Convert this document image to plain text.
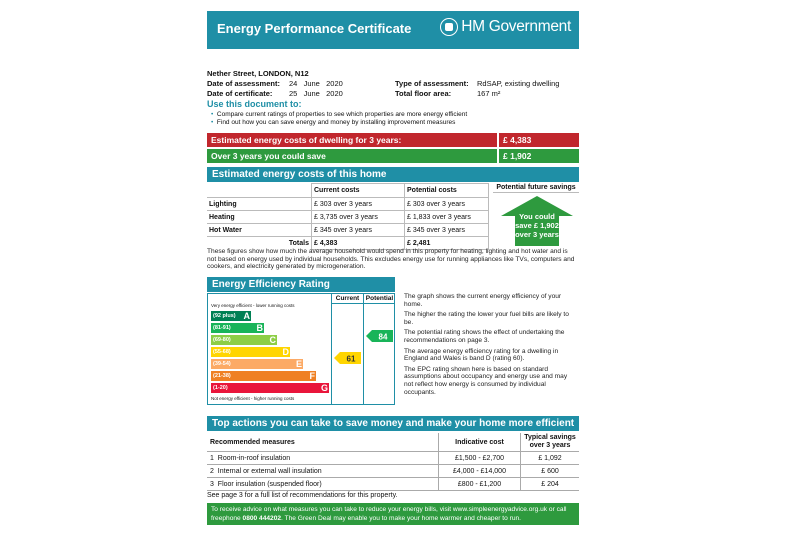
Energy Performance Certificate	HM Government
Nether Street, LONDON, N12
Date of assessment: 24   June   2020
Date of certificate: 25   June   2020
Type of assessment: RdSAP, existing dwelling
Total floor area:	167 m²
Use this document to:
• Compare current ratings of properties to see which properties are more energy efficient
• Find out how you can save energy and money by installing improvement measures
Estimated energy costs of dwelling for 3 years:	£ 4,383
Over 3 years you could save	£ 1,902
Estimated energy costs of this home
	Current costs	Potential costs
Lighting	£ 303 over 3 years	£ 303 over 3 years
Heating	£ 3,735 over 3 years	£ 1,833 over 3 years
Hot Water	£ 345 over 3 years	£ 345 over 3 years
Totals	£ 4,383	£ 2,481
Potential future savings
You could
save £ 1,902
over 3 years
These figures show how much the average household would spend in this property for heating, lighting and hot water and is not based on energy used by individual households. This excludes energy use for running appliances like TVs, computers and cookers, and electricity generated by microgeneration.
Energy Efficiency Rating
Current	Potential
Very energy efficient - lower running costs
(92 plus) A
(81-91)	B
(69-80)	C
(55-68)	D
(39-54)	E
(21-38)	F
(1-20)	G
Not energy efficient - higher running costs
61
84
The graph shows the current energy efficiency of your home.
The higher the rating the lower your fuel bills are likely to be.
The potential rating shows the effect of undertaking the recommendations on page 3.
The average energy efficiency rating for a dwelling in England and Wales is band D (rating 60).
The EPC rating shown here is based on standard assumptions about occupancy and energy use and may not reflect how energy is consumed by individual occupants.
Top actions you can take to save money and make your home more efficient
Recommended measures	Indicative cost	Typical savings over 3 years
1 Room-in-roof insulation	£1,500 - £2,700	£ 1,092
2 Internal or external wall insulation	£4,000 - £14,000	£ 600
3 Floor insulation (suspended floor)	£800 - £1,200	£ 204
See page 3 for a full list of recommendations for this property.
To receive advice on what measures you can take to reduce your energy bills, visit www.simpleenergyadvice.org.uk or call freephone 0800 444202. The Green Deal may enable you to make your home warmer and cheaper to run.
